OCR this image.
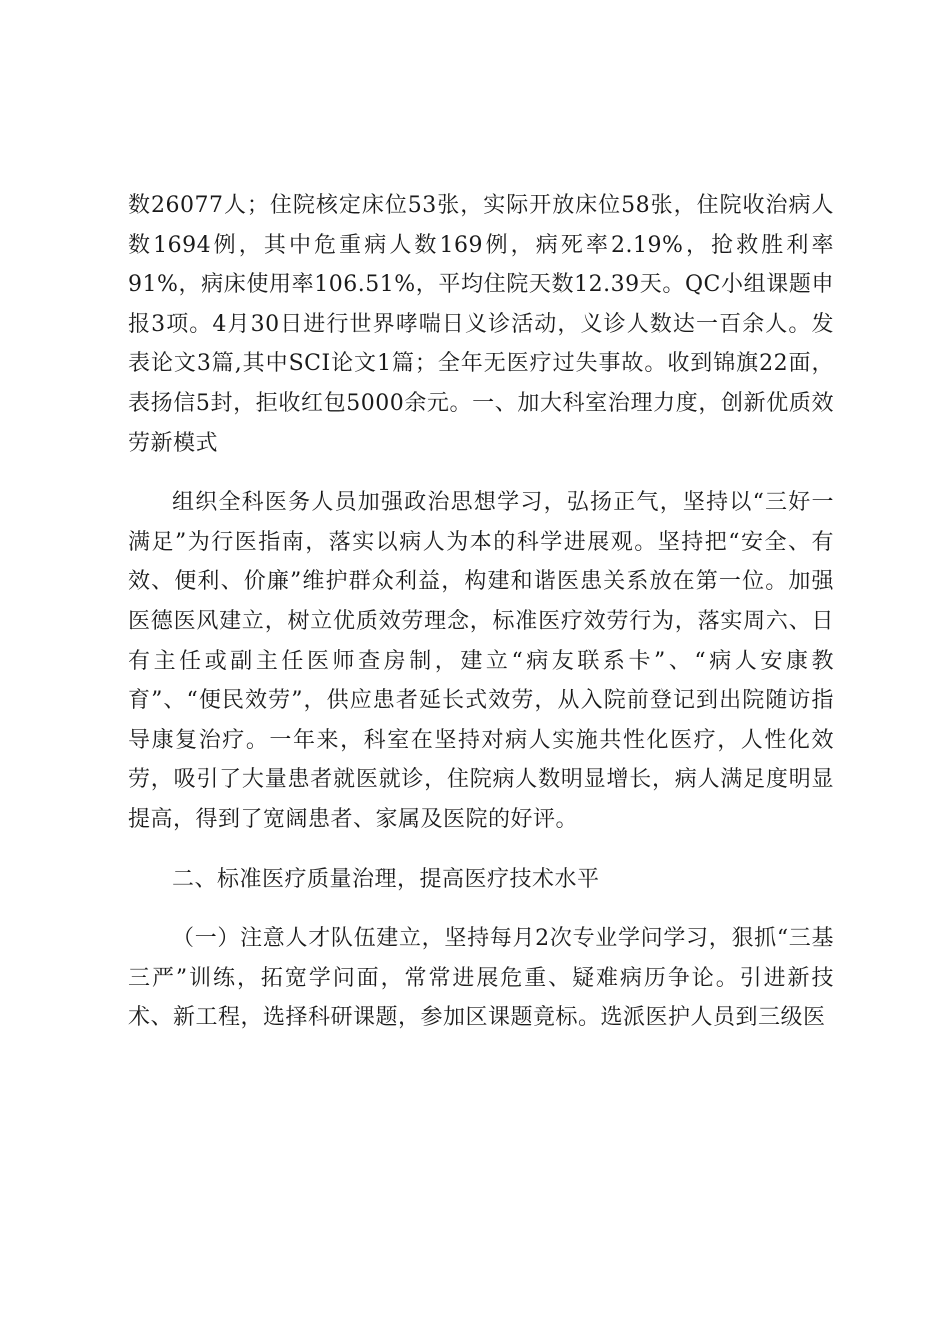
数26077人；住院核定床位53张，实际开放床位58张，住院收治病人数1694例，其中危重病人数169例，病死率2.19%，抢救胜利率91%，病床使用率106.51%，平均住院天数12.39天。QC小组课题申报3项。4月30日进行世界哮喘日义诊活动，义诊人数达一百余人。发表论文3篇,其中SCI论文1篇；全年无医疗过失事故。收到锦旗22面，表扬信5封，拒收红包5000余元。一、加大科室治理力度，创新优质效劳新模式

组织全科医务人员加强政治思想学习，弘扬正气，坚持以“三好一满足”为行医指南，落实以病人为本的科学进展观。坚持把“安全、有效、便利、价廉”维护群众利益，构建和谐医患关系放在第一位。加强医德医风建立，树立优质效劳理念，标准医疗效劳行为，落实周六、日有主任或副主任医师查房制，建立“病友联系卡”、“病人安康教育”、“便民效劳”，供应患者延长式效劳，从入院前登记到出院随访指导康复治疗。一年来，科室在坚持对病人实施共性化医疗，人性化效劳，吸引了大量患者就医就诊，住院病人数明显增长，病人满足度明显提高，得到了宽阔患者、家属及医院的好评。

二、标准医疗质量治理，提高医疗技术水平

（一）注意人才队伍建立，坚持每月2次专业学问学习，狠抓“三基三严”训练，拓宽学问面，常常进展危重、疑难病历争论。引进新技术、新工程，选择科研课题，参加区课题竟标。选派医护人员到三级医
